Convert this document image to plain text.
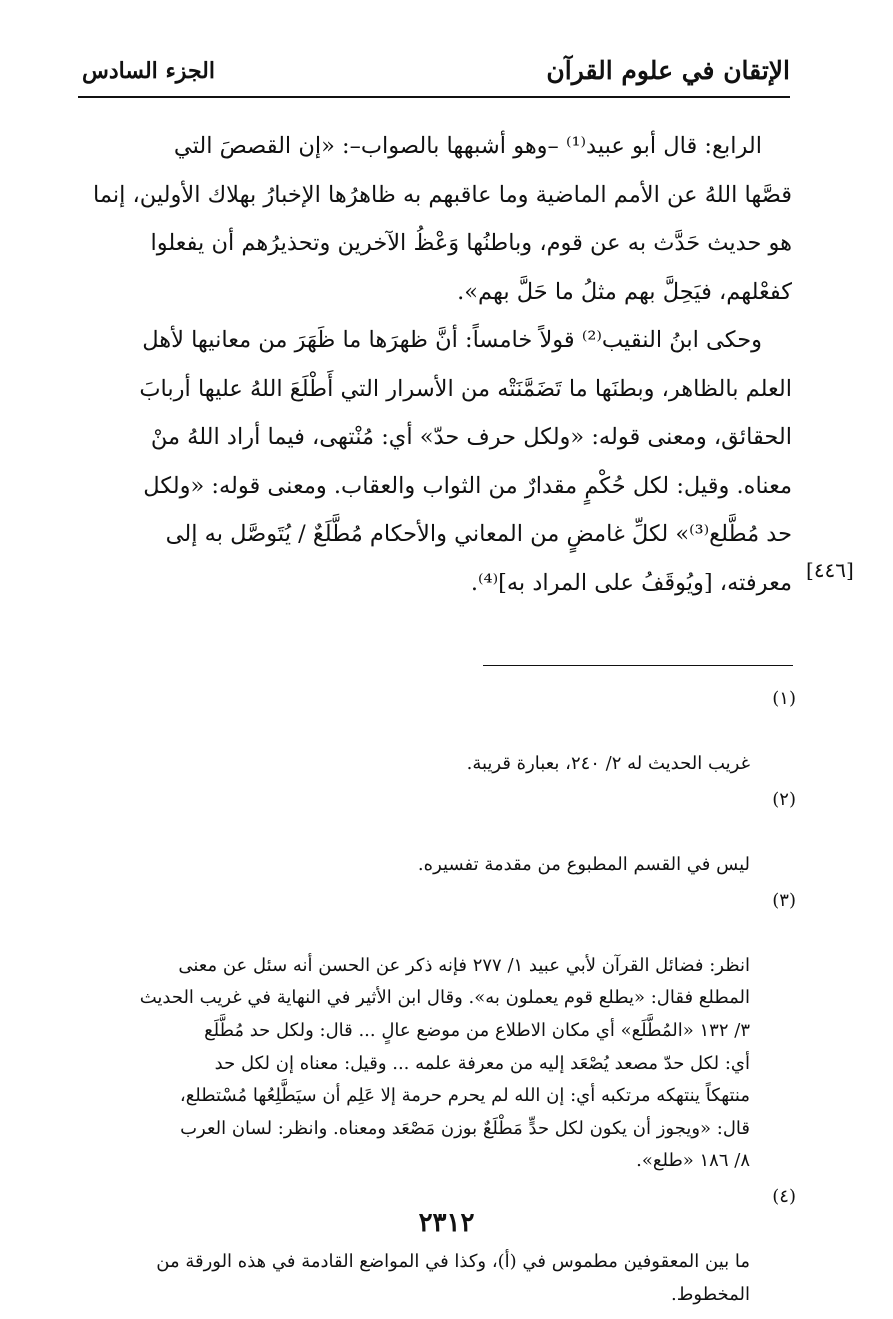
الإتقان في علوم القرآن
الجزء السادس

الرابع: قال أبو عبيد⁽¹⁾ –وهو أشبهها بالصواب–: «إن القصصَ التي
قصَّها اللهُ عن الأمم الماضية وما عاقبهم به ظاهرُها الإخبارُ بهلاك الأولين، إنما
هو حديث حَدَّث به عن قوم، وباطنُها وَعْظُ الآخرين وتحذيرُهم أن يفعلوا
كفعْلهم، فيَحِلَّ بهم مثلُ ما حَلَّ بهم».

وحكى ابنُ النقيب⁽²⁾ قولاً خامساً: أنَّ ظهرَها ما ظَهَرَ من معانيها لأهل
العلم بالظاهر، وبطنَها ما تَضَمَّنَتْه من الأسرار التي أَطْلَعَ اللهُ عليها أربابَ
الحقائق، ومعنى قوله: «ولكل حرف حدّ» أي: مُنْتهى، فيما أراد اللهُ منْ
معناه. وقيل: لكل حُكْمٍ مقدارٌ من الثواب والعقاب. ومعنى قوله: «ولكل
حد مُطَّلع⁽³⁾» لكلِّ غامضٍ من المعاني والأحكام مُطَّلَعٌ / يُتَوصَّل به إلى
معرفته، [ويُوقَفُ على المراد به]⁽⁴⁾.	[٤٤٦]

(١)

غريب الحديث له ٢/ ٢٤٠، بعبارة قريبة.

(٢)

ليس في القسم المطبوع من مقدمة تفسيره.

(٣)

انظر: فضائل القرآن لأبي عبيد ١/ ٢٧٧ فإنه ذكر عن الحسن أنه سئل عن معنى
المطلع فقال: «يطلع قوم يعملون به». وقال ابن الأثير في النهاية في غريب الحديث
٣/ ١٣٢ «المُطَّلَع» أي مكان الاطلاع من موضع عالٍ ... قال: ولكل حد مُطَّلَع
أي: لكل حدّ مصعد يُصْعَد إليه من معرفة علمه ... وقيل: معناه إن لكل حد
منتهكاً ينتهكه مرتكبه أي: إن الله لم يحرم حرمة إلا عَلِم أن سيَطَّلِعُها مُسْتطلع،
قال: «ويجوز أن يكون لكل حدٍّ مَطْلَعٌ بوزن مَصْعَد ومعناه. وانظر: لسان العرب
٨/ ١٨٦ «طلع».

(٤)

ما بين المعقوفين مطموس في (أ)، وكذا في المواضع القادمة في هذه الورقة من
المخطوط.

٢٣١٢
